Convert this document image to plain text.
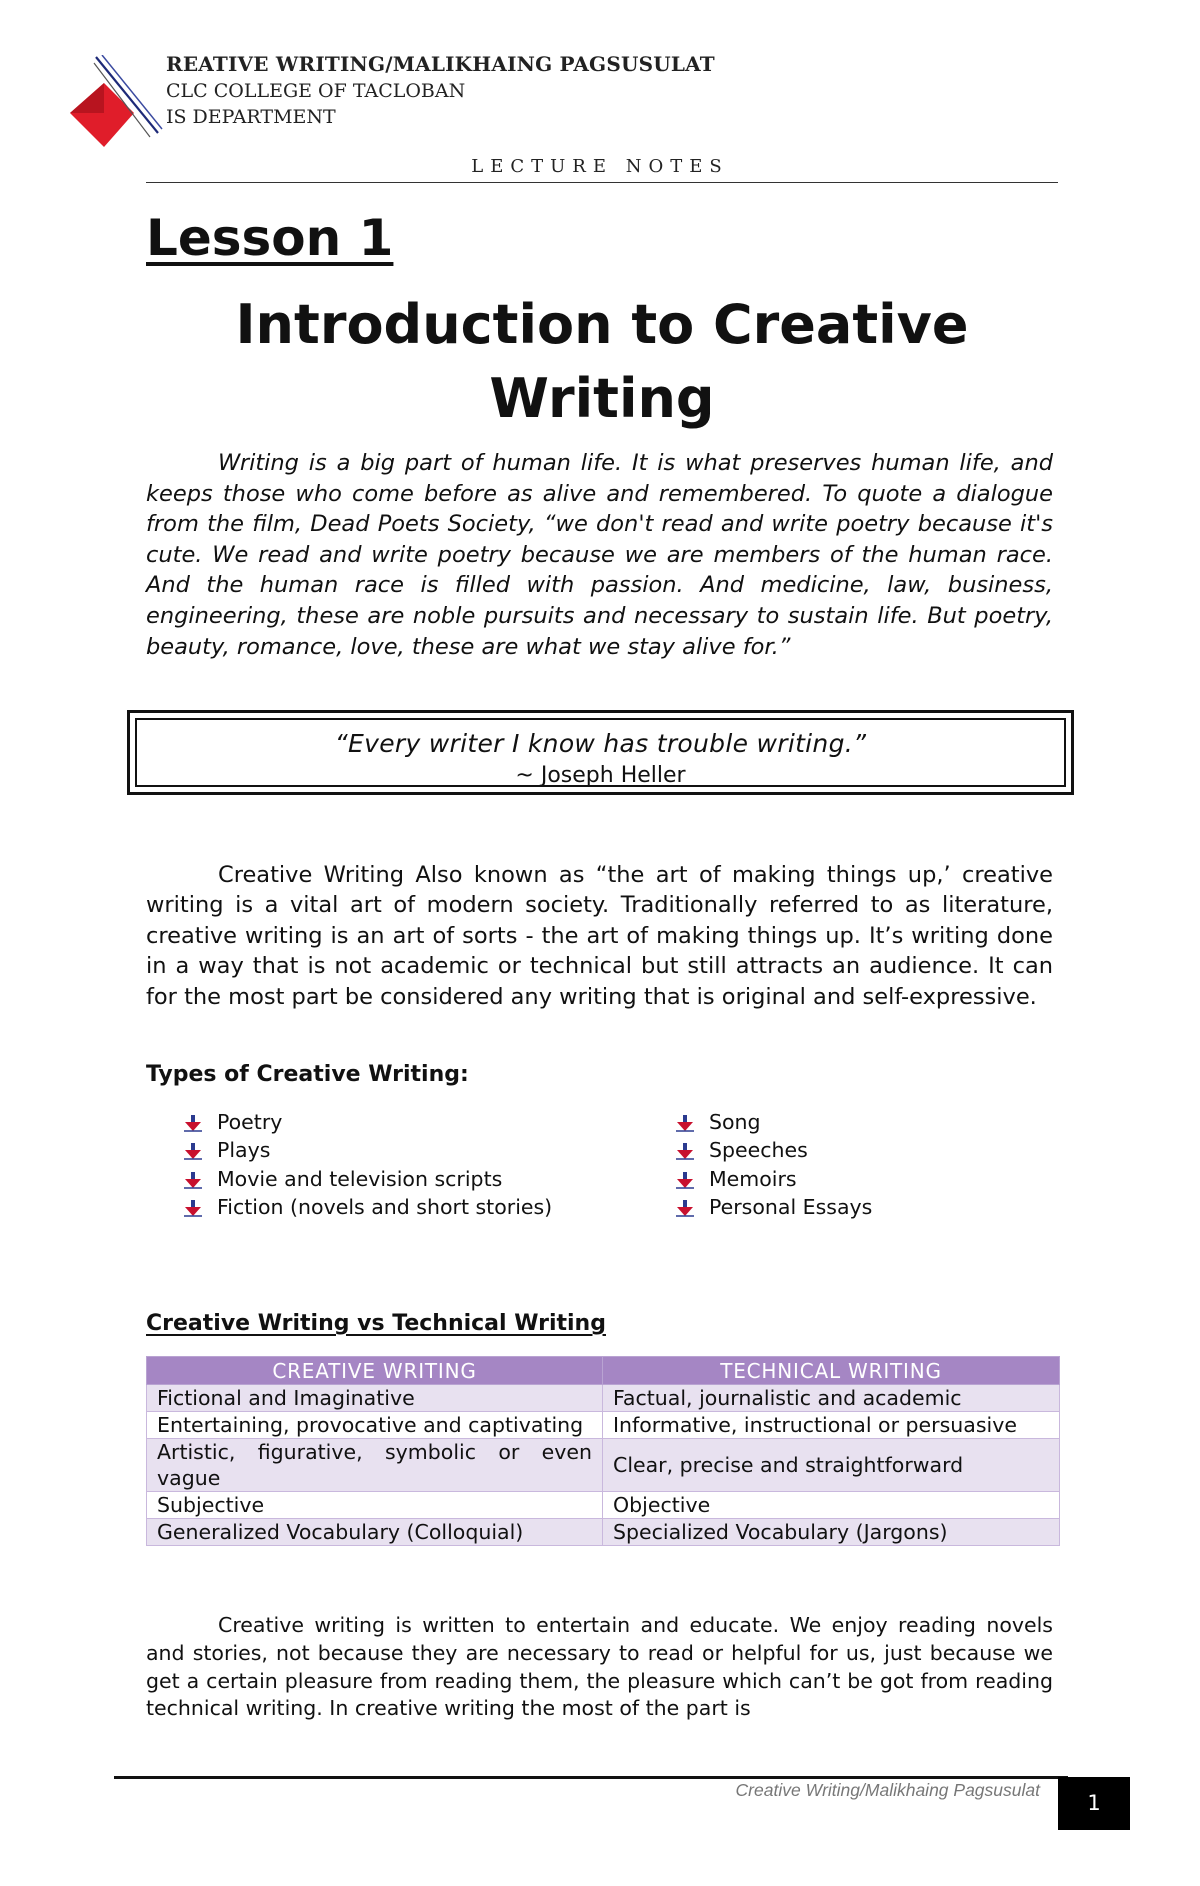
REATIVE WRITING/MALIKHAING PAGSUSULAT
CLC COLLEGE OF TACLOBAN
IS DEPARTMENT
LECTURE NOTES
Lesson 1
Introduction to Creative Writing

Writing is a big part of human life. It is what preserves human life, and keeps those who come before as alive and remembered. To quote a dialogue from the film, Dead Poets Society, “we don't read and write poetry because it's cute. We read and write poetry because we are members of the human race. And the human race is filled with passion. And medicine, law, business, engineering, these are noble pursuits and necessary to sustain life. But poetry, beauty, romance, love, these are what we stay alive for.”

“Every writer I know has trouble writing.”
~ Joseph Heller

Creative Writing Also known as “the art of making things up,’ creative writing is a vital art of modern society. Traditionally referred to as literature, creative writing is an art of sorts - the art of making things up. It’s writing done in a way that is not academic or technical but still attracts an audience. It can for the most part be considered any writing that is original and self-expressive.

Types of Creative Writing:
Poetry
Plays
Movie and television scripts
Fiction (novels and short stories)
Song
Speeches
Memoirs
Personal Essays
Creative Writing vs Technical Writing
CREATIVE WRITING	TECHNICAL WRITING
Fictional and Imaginative	Factual, journalistic and academic
Entertaining, provocative and captivating	Informative, instructional or persuasive
Artistic, figurative, symbolic or even vague	Clear, precise and straightforward
Subjective	Objective
Generalized Vocabulary (Colloquial)	Specialized Vocabulary (Jargons)

Creative writing is written to entertain and educate. We enjoy reading novels and stories, not because they are necessary to read or helpful for us, just because we get a certain pleasure from reading them, the pleasure which can’t be got from reading technical writing. In creative writing the most of the part is

Creative Writing/Malikhaing Pagsusulat
1
